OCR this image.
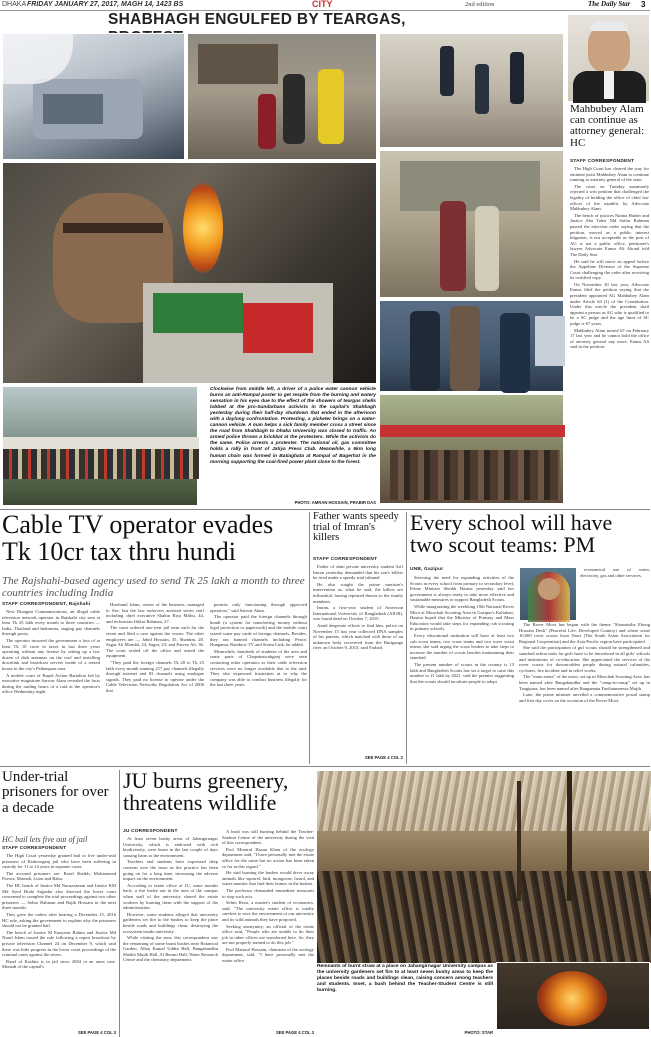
DHAKA FRIDAY JANUARY 27, 2017, MAGH 14, 1423 BS	CITY	2nd edition	The Daily Star 3
SHABHAGH ENGULFED BY TEARGAS,
Clockwise from middle left, a driver of a police water cannon vehicle burns an anti-Rampal poster to get respite from the burning and watery sensation in his eyes due to the effect of the showers of teargas shells lobbed at the pro-Sundarbans activists in the capital's Shahbagh yesterday during their half-day shutdown that ended in the afternoon with a daylong confrontation. Protesting, a picketer brings on a water-cannon vehicle. A man helps a sick family member cross a street since the road from Shahbagh to Dhaka University was closed to traffic. An armed police throws a brickbat at the protesters. While the activists do the same. Police arrests a protester. The national oil, gas committee holds a rally in front of Jatiya Press Club. Meanwhile, a 6km long human chain was formed in Batiaghata at Rampal of Bagerhat in the morning supporting the coal-fired power plant close to the forest.
PHOTO: AMRAN HOSSAIN, PRABIR DAS
Mahbubey Alam can continue as attorney general: HC
STAFF CORRESPONDENT

The High Court has cleared the way for eminent jurist Mahbubey Alam to continue running as attorney general of the state.

The court on Tuesday summarily rejected a writ petition that challenged the legality of holding the office of chief law officer of the republic by Advocate Mahbubey Alam.

The bench of justices Naima Haider and Justice Abu Taher Md Saifur Rahman passed the rejection order saying that the petition, moved as a public interest litigation, is not acceptable as the post of AG is not a public office, petitioner's lawyer Advocate Eunus Ali Akond told The Daily Star.

He said he will move an appeal before the Appellate Division of the Supreme Court challenging the order after receiving its certified copy.

On November 30 last year, Advocate Eunus filed the petition saying that the president appointed AG Mahbubey Alam under Article 64 (1) of the Constitution. Under this article the president shall appoint a person as AG who is qualified to be a SC judge and the age limit of SC judge is 67 years.

Mahbubey Alam turned 67 on February 17 last year and he cannot hold the office of attorney general any more, Eunus Ali said in the petition.

Cable TV operator evades Tk 10cr tax thru hundi
The Rajshahi-based agency used to send Tk 25 lakh a month to three countries including India
STAFF CORRESPONDENT, Rajshahi

New Dinajpur Communications, an illegal cable television network operator in Rajshahi city sent at least Tk 25 lakh every month to three countries — India, Thailand and Indonesia, staging pay channels through proxy.

The operator incurred the government a loss of at least Tk 10 crore in taxes in last three years operating without any license by setting up a few dozen of dish antennas on the roof and installing downlink and broadcast servers inside of a rented house in the city's Pathanpara area.

A mobile court of Rapid Action Battalion led by executive magistrate Sarwar Alam revealed the facts during the raiding hours of a raid at the operator's office Wednesday night.

Hirobatul Islam, owner of the business, managed to flee, but the law enforcers arrested seven staff including chief executive Shahin Riya Mithu, 44, and technician Iftikar Rahman, 27.

The court ordered one-year jail term each for the seven and filed a case against the owner. The other employees are — Jahid Hossain, 35, Shamim, 28, Sagar Ali Mondal, 24, Sagor, 23, and Parvez Ali, 36. The court sealed off the office and seized the equipment.

"They paid the foreign channels Tk 20 to Tk 25 lakh every month running 217 pay channels illegally through internet and 83 channels using analogue signals. They paid no license to operate under the Cable Television Networks Regulation Act of 2006 that

permits only functioning through approved operators," said Sarwar Alam.

The operator paid the foreign channels through hundi (a system for transferring money without legal protection or paperwork) and the mobile court seized some pay cards of foreign channels. Besides, they ran banned channels including Peace, Hungama, Rainbow TV and Storm Link, he added.

Meanwhile, hundreds of students of the area and some parts of Chapainawabganj were seen contacting other operators as their cable television services were no longer available due to the raid. They also expressed frustration at to why the company was able to conduct business illegally for the last three years.

Father wants speedy trial of Imran's killers
STAFF CORRESPONDENT

Father of slain private university student Arif Imran yesterday demanded that his son's killers be tried under a speedy trial tribunal.

He also sought the prime minister's intervention as, what he said, the killers are influential, having repeated threats to the family members.

Imran, a first-year student of American International University of Bangladesh (AIUB), was found dead on October 7, 2015.

Amid desperate efforts to find him, police on November 15 last year collected DNA samples of his parents, which matched with those of an unknown body recovered from the Buriganga river on October 9, 2015, said Farhad.

SEE PAGE 4 COL 2
Every school will have two scout teams: PM
UNB, Gazipur

Stressing the need for expanding activities of the Scouts in every school from primary to secondary level, Prime Minister Sheikh Hasina yesterday said her government is always ready to take more effective and sustainable measures to support Bangladesh Scouts.

While inaugurating the weeklong 10th National Rover Moot at Mouchak Scouting Area in Gazipur's Kaliakair, Hasina hoped that the Ministry of Primary and Mass Education would take steps for expanding cub scouting in primary schools.

Every educational institution will have at least two cub scout teams, two scout teams and two rover scout teams, she said urging the scout leaders to take steps to increase the number of scouts besides maintaining their standard.

The present number of scouts in the country is 13 lakh and Bangladesh Scouts has set a target to raise this number to 21 lakh by 2021, said the premier suggesting that the scouts should inculcate people to adopt

economical use of water, electricity, gas and other services.

The Rover Moot has begun with the theme "Sharmistha Ebong Hossain Desh" (Peaceful Life, Developed Country) and where some 10,000 rover scouts from Nawi (The South Asian Association for Regional Cooperation) and the Asia-Pacific region have participated.

She said the participation of girl scouts should be strengthened and standard action units for girls have to be introduced in all girls' schools and institutions of co-education. She appreciated the services of the rover scouts for downtrodden people during natural calamities, cyclones, fire incident and in relief works.

The "main arena" of the moot, set up in Mouchak Scouting Area, has been named after Bangabandhu and the "camp-in-camp" set up in Tangipara, has been named after Bangamata Fazilatunnessa Mujib.

Later, the prime minister unveiled a commemorative postal stamp and first day cover on the occasion of the Rover Moot.

Under-trial prisoners for over a decade
HC bail lets five out of jail
STAFF CORRESPONDENT

The High Court yesterday granted bail to five under-trial prisoners of Kishoreganj jail who have been suffering in custody for 11 to 14 years in separate cases.

The accused prisoners are: Rasel Sheikh, Mohammad Parvez, Monadi, Liton and Babu.

The HC bench of Justice Md Nuruzzaman and Justice KM Md Syed Hoda Sujjadar also directed the lower court concerned to complete the trial proceedings against two other prisoners — Sohar Rahman and Rajib Hossain in the next three months.

They gave the orders after hearing a December 15, 2016 HC rule, asking the government to explain why the prisoners should not be granted bail.

The bench of Justice M Enayetur Rahim and Justice Md Nurul Islam issued the rule following a report broadcast by private television Channel 24 on December 9, which said there was little progress in the lower court proceedings of the criminal cases against the seven.

Rasel of Kashita is in jail since 2004 in an arms case. Monadi of the capital's

SEE PAGE 4 COL 3
JU burns greenery, threatens wildlife
JU CORRESPONDENT

At least seven bushy areas of Jahangirnagar University, which is endowed with rich biodiversity, were burnt in the last couple of days causing harm to the environment.

Teachers and students have expressed deep concern over the issue as the practice has been going on for a long time, increasing the adverse impact on the environment.

According to estate office of JU, some months back, a fire broke out in the area of the campus when staff of the university shared the estate workers by burning them with the support of the administration.

However, some students alleged that university gardeners set fire to the bushes to keep the place beside roads and buildings clean, destroying the ecosystem inside university.

While visiting the area, this correspondent saw the remaining of some burnt bushes near Botanical Garden, Alhaj Kamal Uddin Hall, Bangabandhu Sheikh Mujib Hall, Al Beruni Hall, Water Research Centre and the chemistry department.

A bush was still burning behind the Teacher-Student Centre of the university during the visit of this correspondent.

Prof Monirul Hasan Khan of the zoology department said, "I have personally met the estate office for the same but no action has been taken so far in this regard."

He said burning the bushes would drive away animals like squirrel, bird, mongoose, lizard, and water monitor that find their homes in the bushes.

The professor demanded immediate measures to stop such acts.

Selim Reza, a master's student of economics, said, "The university estate office is totally careless to save the environment of our university and its wild animals they have proposed.

Seeking anonymity, an official of the estate office said, "People who are unable to do their job in other offices are transferred here. So, they are not properly trained to do this job."

Prof Manirul Hossain, chairman of the zoology department, said, "I have personally met the estate office

SEE PAGE 4 COL 3
Remnants of burnt straw at a place on Jahangirnagar University campus as the university gardeners set fire to at least seven bushy areas to keep the places beside roads and buildings clean, raising concern among teachers and students. Inset, a bush behind the Teacher-Student Centre is still burning.
PHOTO: STAR
